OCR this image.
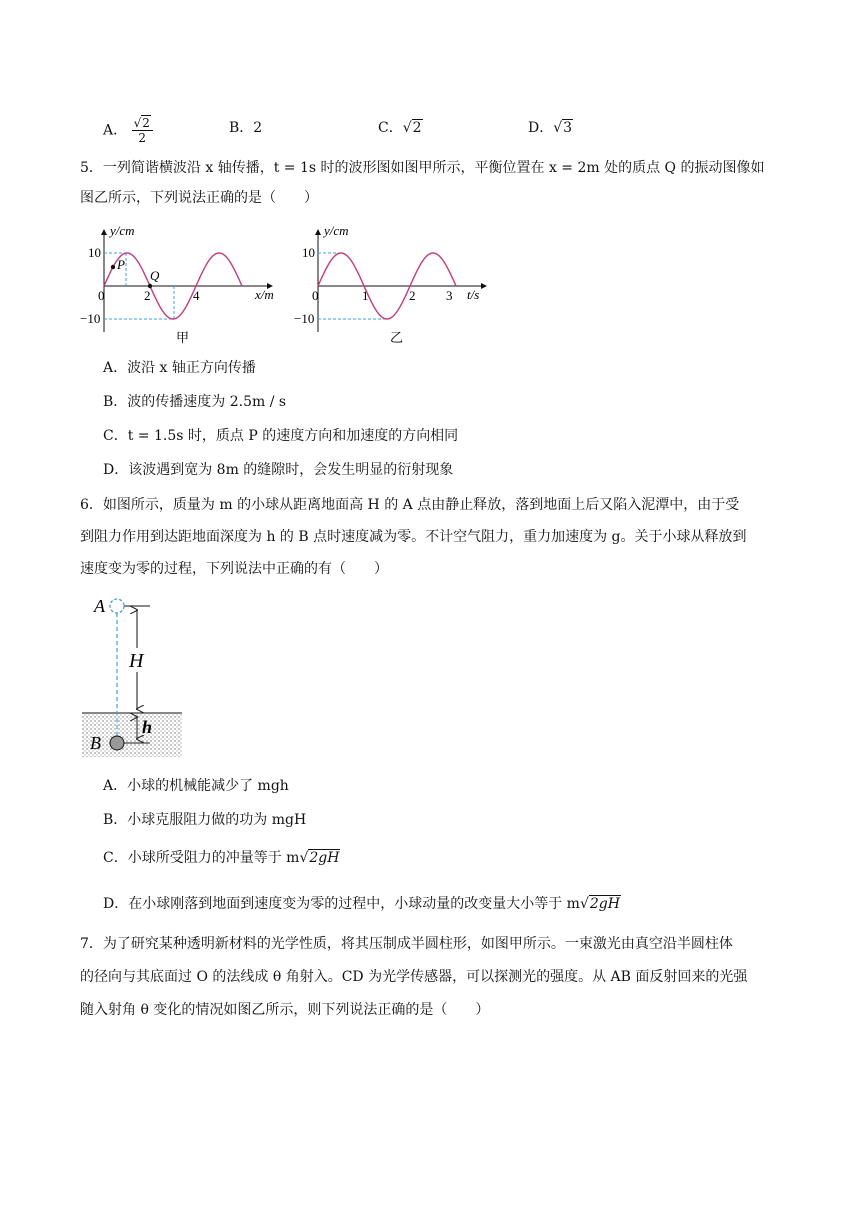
A． $\frac{√2}{2}$	B．2	C．√2	D．√3
5．一列简谐横波沿 x 轴传播，t = 1s 时的波形图如图甲所示，平衡位置在 x = 2m 处的质点 Q 的振动图像如
图乙所示，下列说法正确的是（　　）
P
Q
y/cm
x/m
10
−10
0	2	4
甲
y/cm
t/s
10
−10
0	1	2 3
乙
A．波沿 x 轴正方向传播
B．波的传播速度为 2.5m / s
C．t = 1.5s 时，质点 P 的速度方向和加速度的方向相同
D．该波遇到宽为 8m 的缝隙时，会发生明显的衍射现象
6．如图所示，质量为 m 的小球从距离地面高 H 的 A 点由静止释放，落到地面上后又陷入泥潭中，由于受
到阻力作用到达距地面深度为 h 的 B 点时速度减为零。不计空气阻力，重力加速度为 g。关于小球从释放到
速度变为零的过程，下列说法中正确的有（　　）
A
B
H
h
A．小球的机械能减少了 mgh
B．小球克服阻力做的功为 mgH
C．小球所受阻力的冲量等于 m√2gH
D．在小球刚落到地面到速度变为零的过程中，小球动量的改变量大小等于 m√2gH
7．为了研究某种透明新材料的光学性质，将其压制成半圆柱形，如图甲所示。一束激光由真空沿半圆柱体
的径向与其底面过 O 的法线成 θ 角射入。CD 为光学传感器，可以探测光的强度。从 AB 面反射回来的光强
随入射角 θ 变化的情况如图乙所示，则下列说法正确的是（　　）
